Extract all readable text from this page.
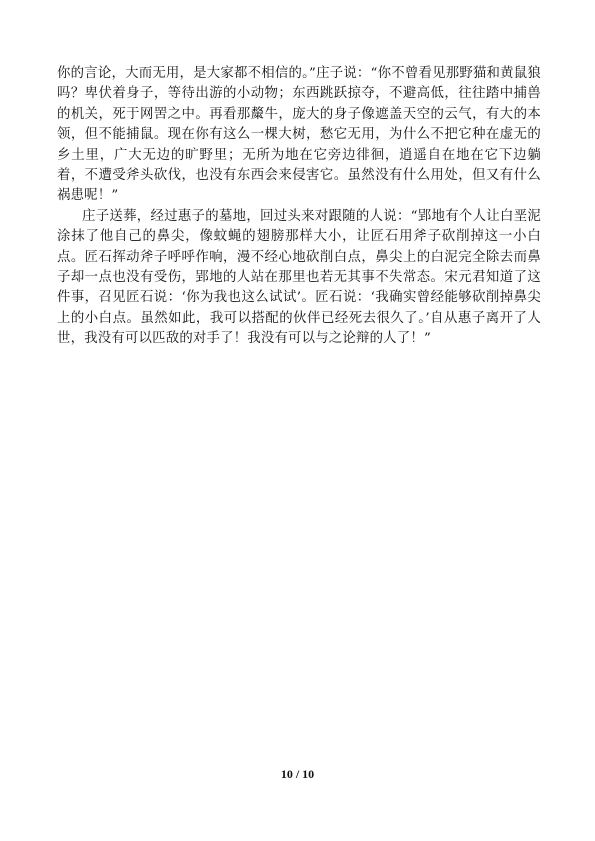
你的言论，大而无用，是大家都不相信的。”庄子说：“你不曾看见那野猫和黄鼠狼吗？卑伏着身子，等待出游的小动物；东西跳跃掠夺，不避高低，往往踏中捕兽的机关，死于网罟之中。再看那斄牛，庞大的身子像遮盖天空的云气，有大的本领，但不能捕鼠。现在你有这么一棵大树，愁它无用，为什么不把它种在虚无的乡土里，广大无边的旷野里；无所为地在它旁边徘徊，逍遥自在地在它下边躺着，不遭受斧头砍伐，也没有东西会来侵害它。虽然没有什么用处，但又有什么祸患呢！”

庄子送葬，经过惠子的墓地，回过头来对跟随的人说：“郢地有个人让白垩泥涂抹了他自己的鼻尖，像蚊蝇的翅膀那样大小，让匠石用斧子砍削掉这一小白点。匠石挥动斧子呼呼作响，漫不经心地砍削白点，鼻尖上的白泥完全除去而鼻子却一点也没有受伤，郢地的人站在那里也若无其事不失常态。宋元君知道了这件事，召见匠石说：‘你为我也这么试试’。匠石说：‘我确实曾经能够砍削掉鼻尖上的小白点。虽然如此，我可以搭配的伙伴已经死去很久了。’自从惠子离开了人世，我没有可以匹敌的对手了！我没有可以与之论辩的人了！”

10 / 10
